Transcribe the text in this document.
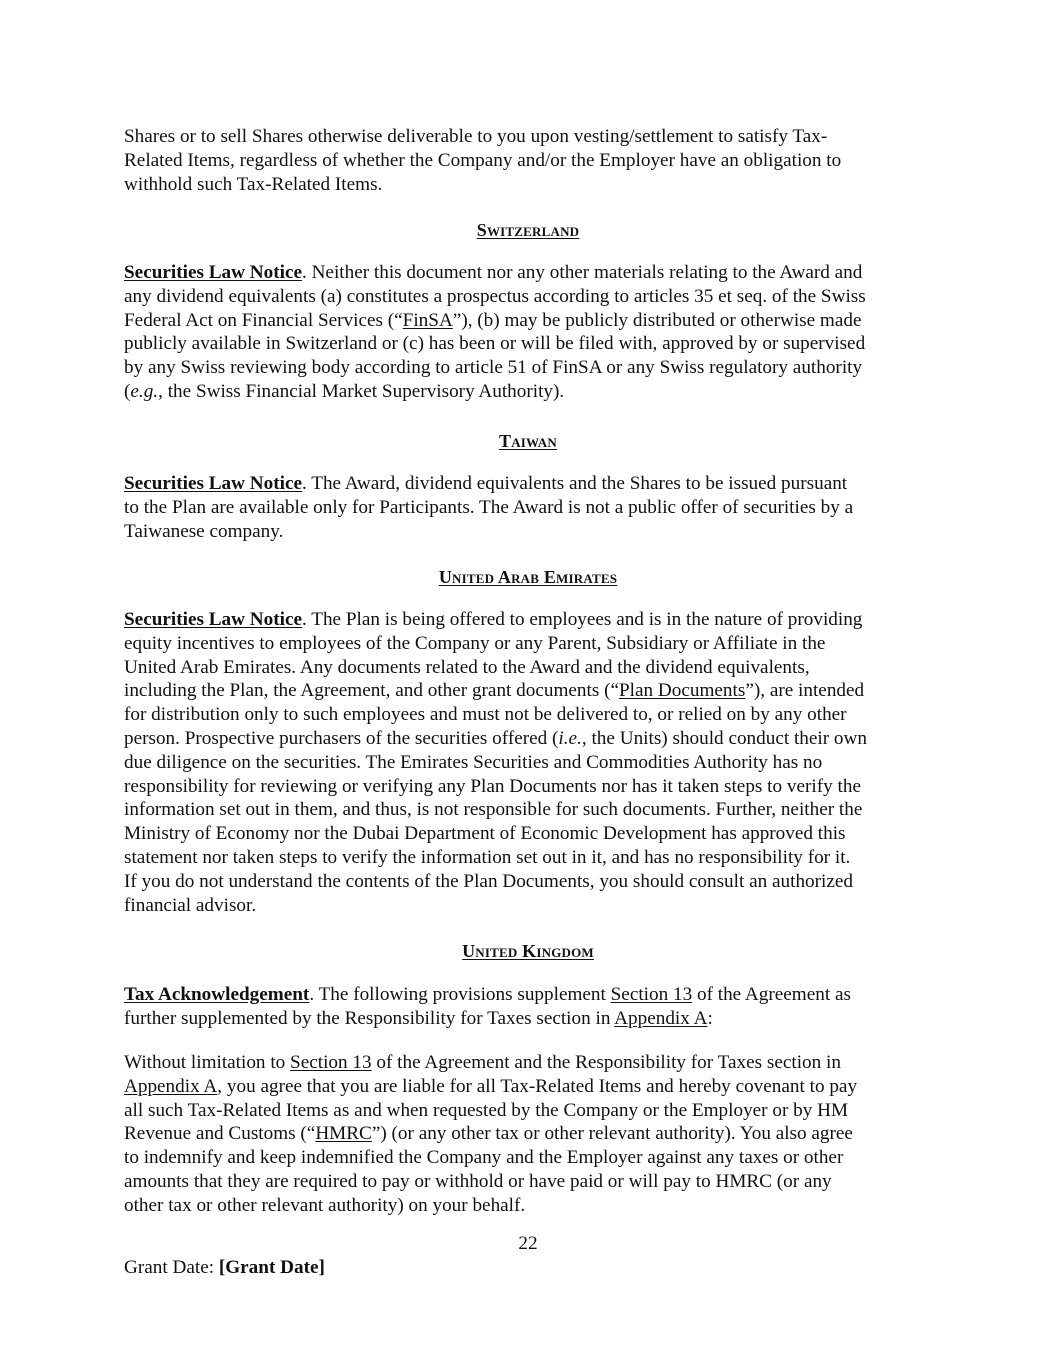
Shares or to sell Shares otherwise deliverable to you upon vesting/settlement to satisfy Tax-
Related Items, regardless of whether the Company and/or the Employer have an obligation to
withhold such Tax-Related Items.
Switzerland
Securities Law Notice. Neither this document nor any other materials relating to the Award and
any dividend equivalents (a) constitutes a prospectus according to articles 35 et seq. of the Swiss
Federal Act on Financial Services (“FinSA”), (b) may be publicly distributed or otherwise made
publicly available in Switzerland or (c) has been or will be filed with, approved by or supervised
by any Swiss reviewing body according to article 51 of FinSA or any Swiss regulatory authority
(e.g., the Swiss Financial Market Supervisory Authority).
Taiwan
Securities Law Notice. The Award, dividend equivalents and the Shares to be issued pursuant
to the Plan are available only for Participants. The Award is not a public offer of securities by a
Taiwanese company.
United Arab Emirates
Securities Law Notice. The Plan is being offered to employees and is in the nature of providing
equity incentives to employees of the Company or any Parent, Subsidiary or Affiliate in the
United Arab Emirates. Any documents related to the Award and the dividend equivalents,
including the Plan, the Agreement, and other grant documents (“Plan Documents”), are intended
for distribution only to such employees and must not be delivered to, or relied on by any other
person. Prospective purchasers of the securities offered (i.e., the Units) should conduct their own
due diligence on the securities. The Emirates Securities and Commodities Authority has no
responsibility for reviewing or verifying any Plan Documents nor has it taken steps to verify the
information set out in them, and thus, is not responsible for such documents. Further, neither the
Ministry of Economy nor the Dubai Department of Economic Development has approved this
statement nor taken steps to verify the information set out in it, and has no responsibility for it.
If you do not understand the contents of the Plan Documents, you should consult an authorized
financial advisor.
United Kingdom
Tax Acknowledgement. The following provisions supplement Section 13 of the Agreement as
further supplemented by the Responsibility for Taxes section in Appendix A:
Without limitation to Section 13 of the Agreement and the Responsibility for Taxes section in
Appendix A, you agree that you are liable for all Tax-Related Items and hereby covenant to pay
all such Tax-Related Items as and when requested by the Company or the Employer or by HM
Revenue and Customs (“HMRC”) (or any other tax or other relevant authority). You also agree
to indemnify and keep indemnified the Company and the Employer against any taxes or other
amounts that they are required to pay or withhold or have paid or will pay to HMRC (or any
other tax or other relevant authority) on your behalf.
22
Grant Date: [Grant Date]
